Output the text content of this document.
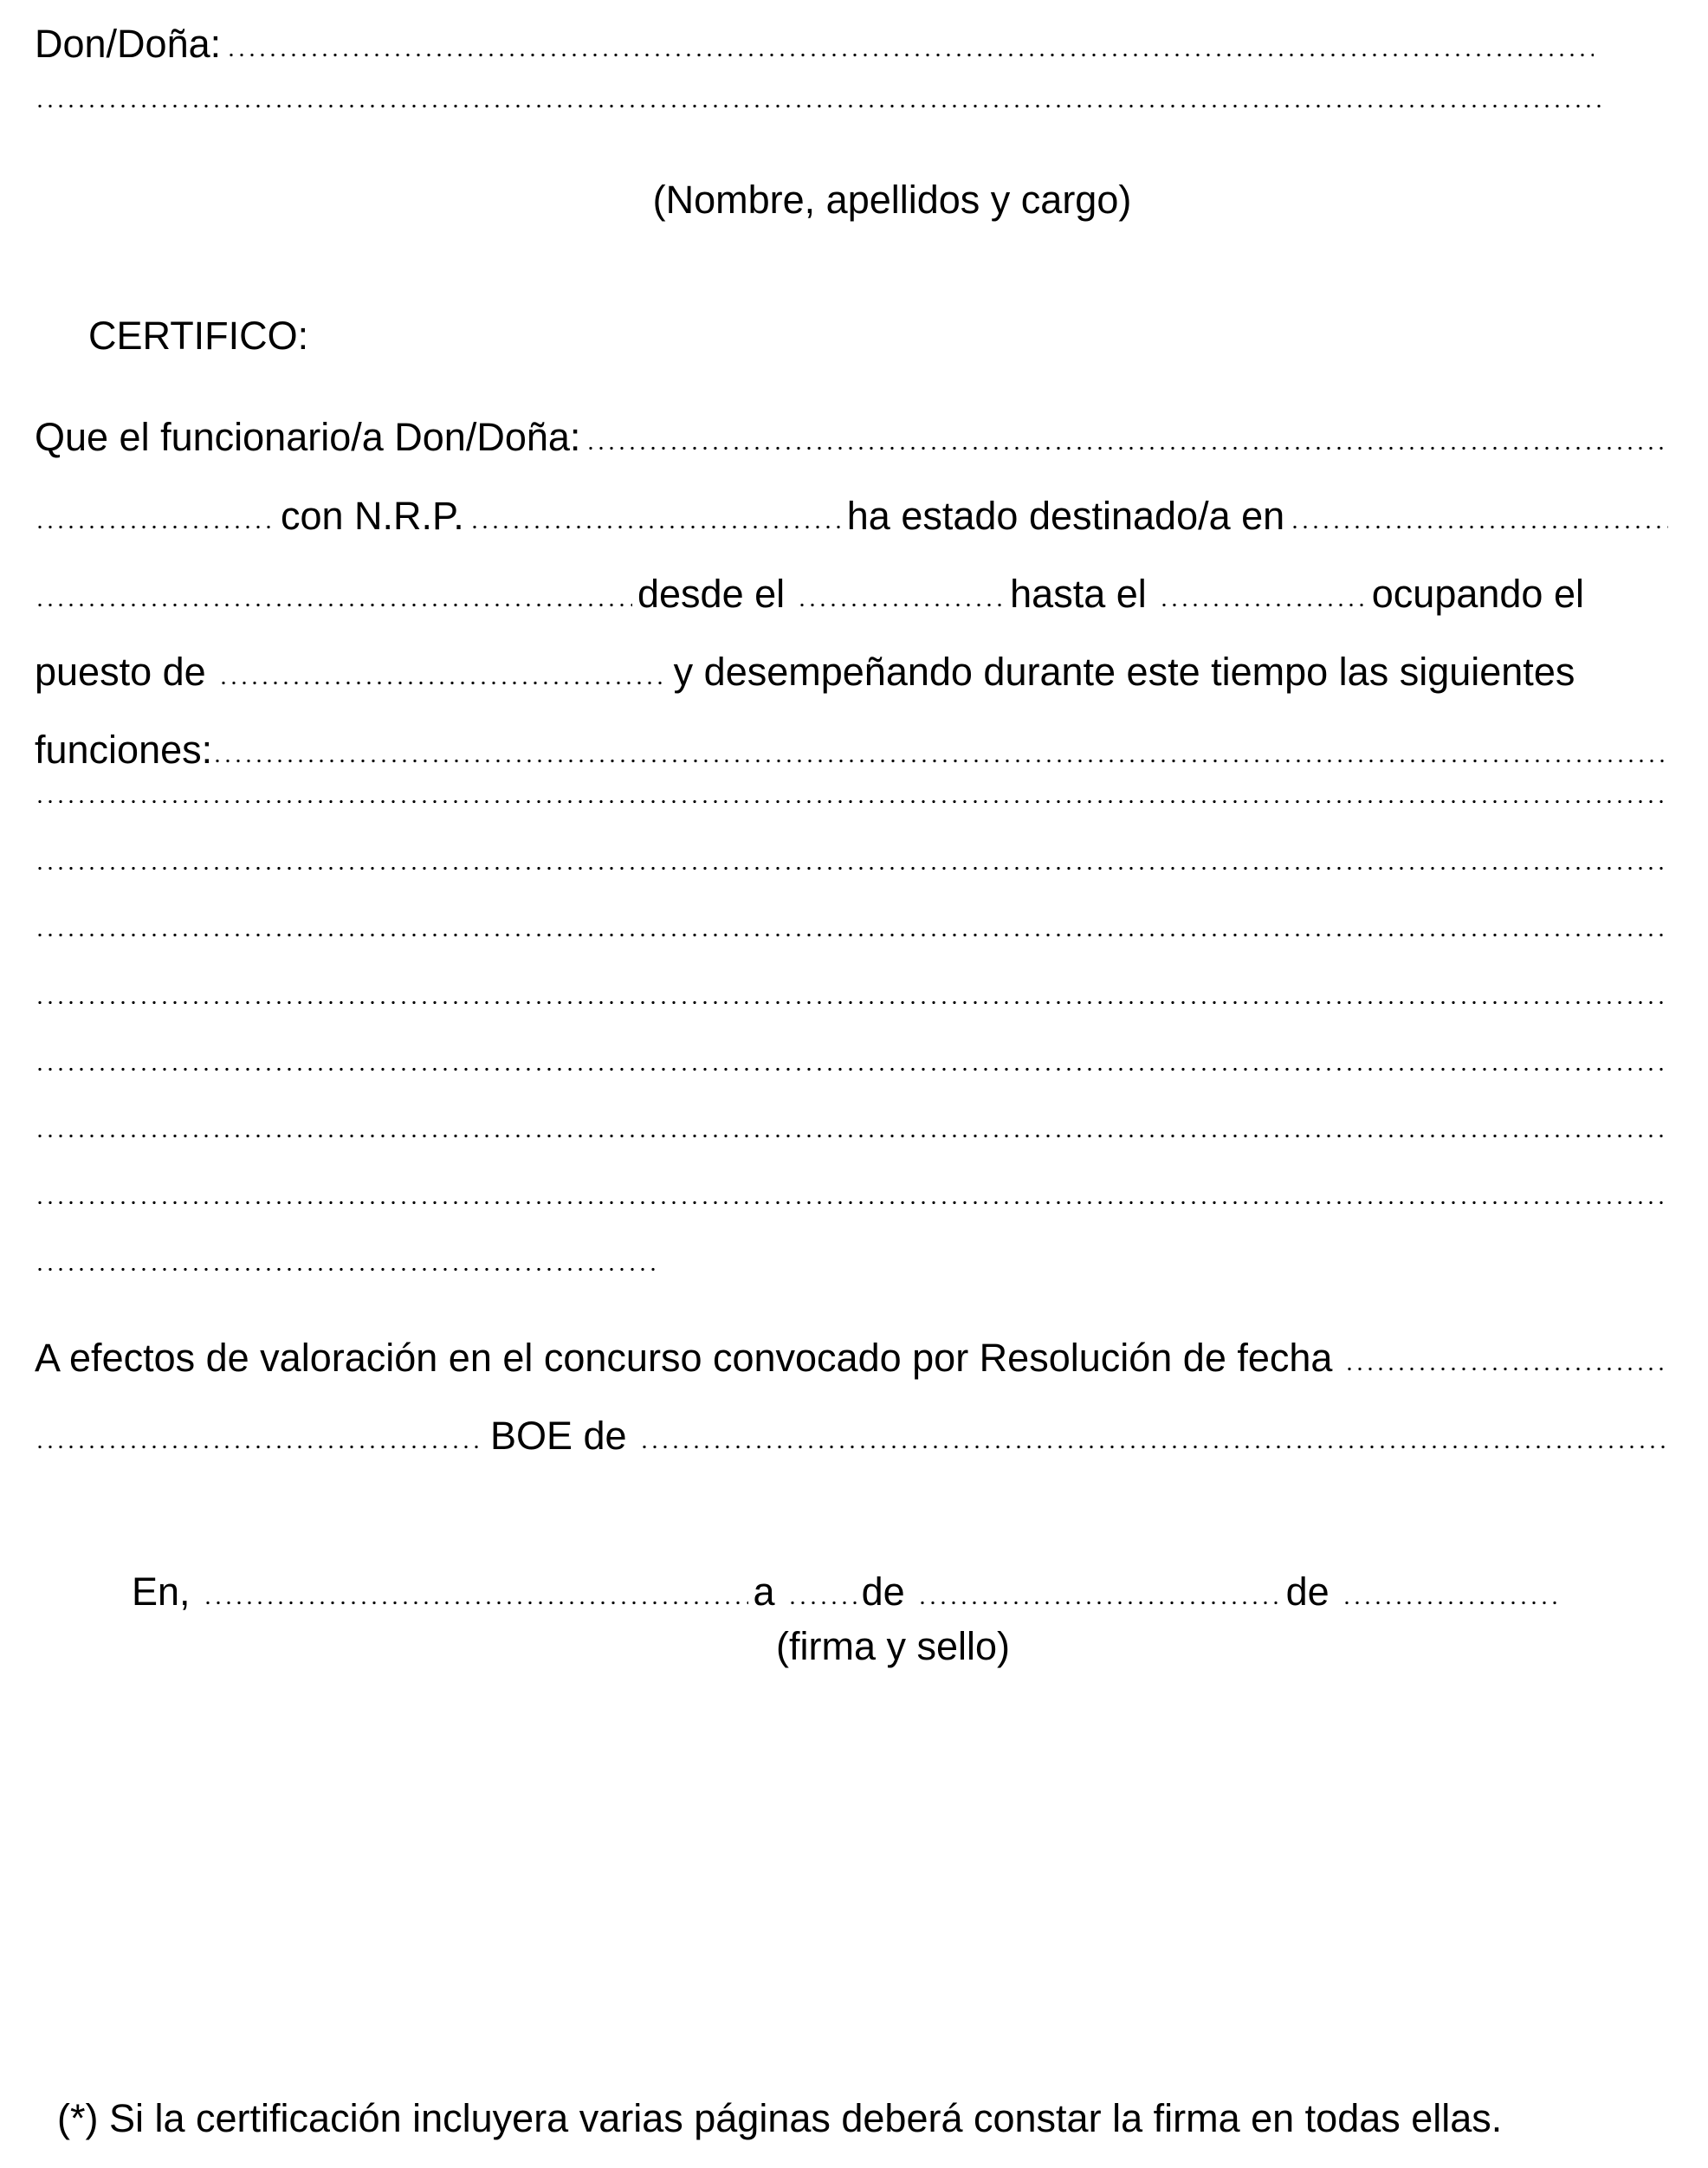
Don/Doña:
(Nombre, apellidos y cargo)
CERTIFICO:
Que el funcionario/a Don/Doña:
con N.R.P.	ha estado destinado/a en
desde el	hasta el	ocupando el
puesto de	y desempeñando durante este tiempo las siguientes
funciones:
A efectos de valoración en el concurso convocado por Resolución de fecha
BOE de
En,	a de	de
(firma y sello)
(*) Si la certificación incluyera varias páginas deberá constar la firma en todas ellas.
